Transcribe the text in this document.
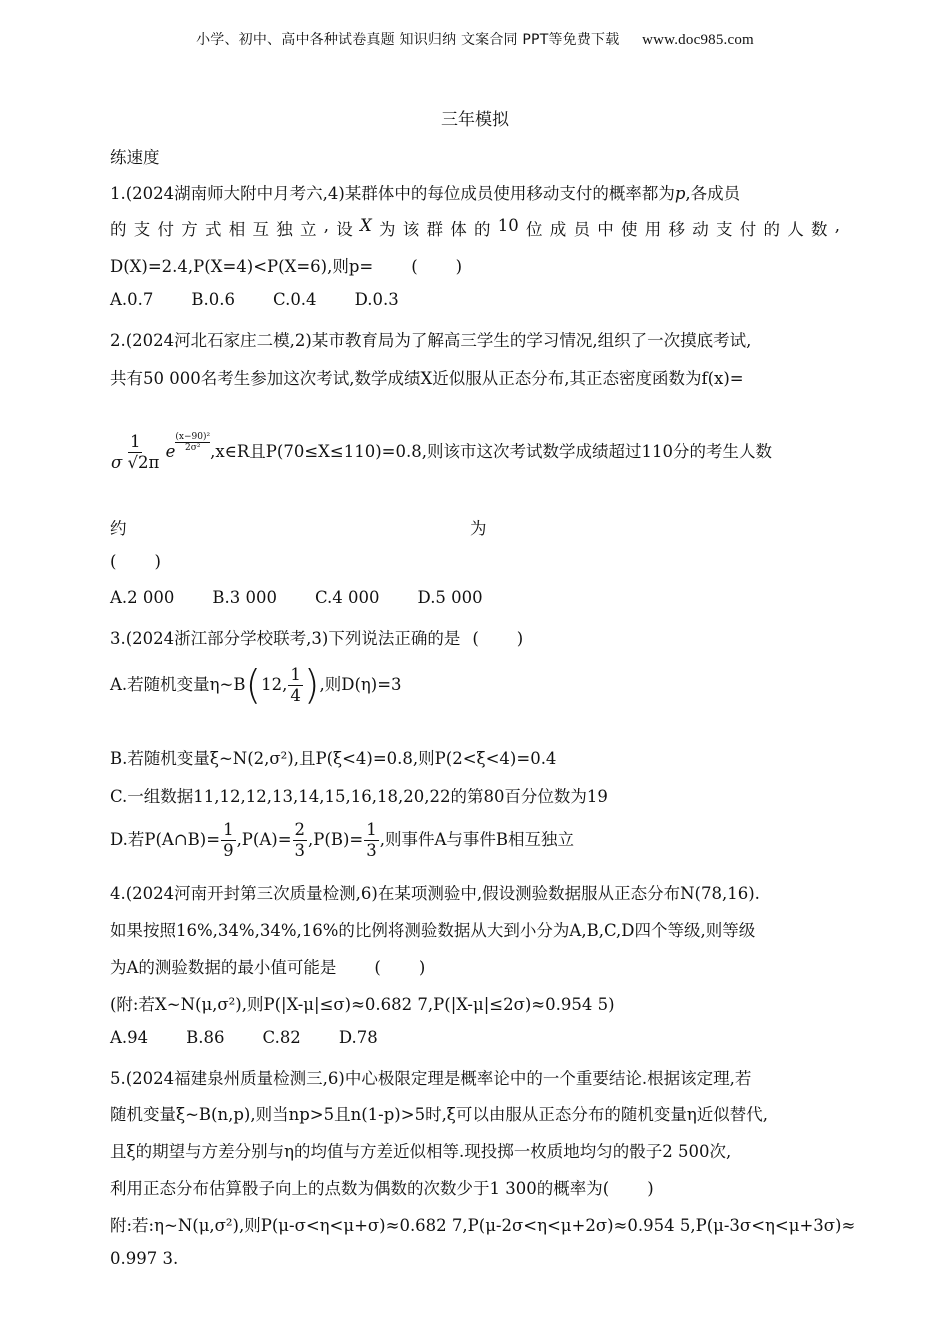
小学、初中、高中各种试卷真题 知识归纳 文案合同 PPT等免费下载 www.doc985.com
三年模拟
练速度
1.(2024湖南师大附中月考六,4)某群体中的每位成员使用移动支付的概率都为p,各成员
的 支 付 方 式 相 互 独 立 , 设 X 为 该 群 体 的 10 位 成 员 中 使 用 移 动 支 付 的 人 数 ,
D(X)=2.4,P(X=4)<P(X=6),则p= ( )
A.0.7 B.0.6 C.0.4 D.0.3
2.(2024河北石家庄二模,2)某市教育局为了解高三学生的学习情况,组织了一次摸底考试,
共有50 000名考生参加这次考试,数学成绩X近似服从正态分布,其正态密度函数为f(x)=
$\frac{1}{\sigma √2\pi}$ e $\frac{\text{(x−90)²}}{\text{2σ²}}$ ,x∈R且P(70≤X≤110)=0.8,则该市这次考试数学成绩超过110分的考生人数
约	为
( )
A.2 000 B.3 000 C.4 000 D.5 000
3.(2024浙江部分学校联考,3)下列说法正确的是 ( )
A.若随机变量η~B(12, $\frac{1}{4}$ ),则D(η)=3
B.若随机变量ξ~N(2,σ²),且P(ξ<4)=0.8,则P(2<ξ<4)=0.4
C.一组数据11,12,12,13,14,15,16,18,20,22的第80百分位数为19
D.若P(A∩B)= $\frac{1}{9} ,P(A)= \frac{2}{3} ,P(B)= \frac{1}{3}$ ,则事件A与事件B相互独立
4.(2024河南开封第三次质量检测,6)在某项测验中,假设测验数据服从正态分布N(78,16).
如果按照16%,34%,34%,16%的比例将测验数据从大到小分为A,B,C,D四个等级,则等级
为A的测验数据的最小值可能是 ( )
(附:若X~N(μ,σ²),则P(|X-μ|≤σ)≈0.682 7,P(|X-μ|≤2σ)≈0.954 5)
A.94 B.86 C.82 D.78
5.(2024福建泉州质量检测三,6)中心极限定理是概率论中的一个重要结论.根据该定理,若
随机变量ξ~B(n,p),则当np>5且n(1-p)>5时,ξ可以由服从正态分布的随机变量η近似替代,
且ξ的期望与方差分别与η的均值与方差近似相等.现投掷一枚质地均匀的骰子2 500次,
利用正态分布估算骰子向上的点数为偶数的次数少于1 300的概率为( )
附:若:η~N(μ,σ²),则P(μ-σ<η<μ+σ)≈0.682 7,P(μ-2σ<η<μ+2σ)≈0.954 5,P(μ-3σ<η<μ+3σ)≈
0.997 3.
